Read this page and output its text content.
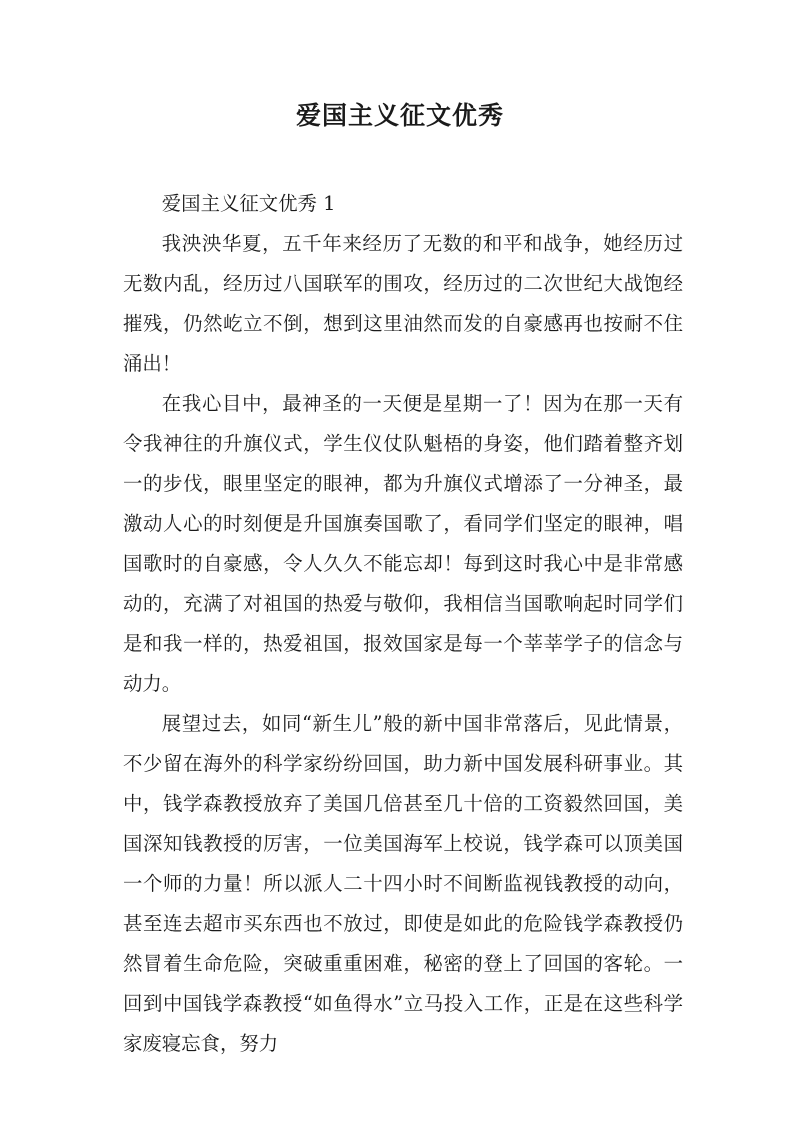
爱国主义征文优秀

爱国主义征文优秀 1

我泱泱华夏，五千年来经历了无数的和平和战争，她经历过无数内乱，经历过八国联军的围攻，经历过的二次世纪大战饱经摧残，仍然屹立不倒，想到这里油然而发的自豪感再也按耐不住涌出！

在我心目中，最神圣的一天便是星期一了！因为在那一天有令我神往的升旗仪式，学生仪仗队魁梧的身姿，他们踏着整齐划一的步伐，眼里坚定的眼神，都为升旗仪式增添了一分神圣，最激动人心的时刻便是升国旗奏国歌了，看同学们坚定的眼神，唱国歌时的自豪感，令人久久不能忘却！每到这时我心中是非常感动的，充满了对祖国的热爱与敬仰，我相信当国歌响起时同学们是和我一样的，热爱祖国，报效国家是每一个莘莘学子的信念与动力。

展望过去，如同“新生儿”般的新中国非常落后，见此情景，不少留在海外的科学家纷纷回国，助力新中国发展科研事业。其中，钱学森教授放弃了美国几倍甚至几十倍的工资毅然回国，美国深知钱教授的厉害，一位美国海军上校说，钱学森可以顶美国一个师的力量！所以派人二十四小时不间断监视钱教授的动向，甚至连去超市买东西也不放过，即使是如此的危险钱学森教授仍然冒着生命危险，突破重重困难，秘密的登上了回国的客轮。一回到中国钱学森教授“如鱼得水”立马投入工作，正是在这些科学家废寝忘食，努力
